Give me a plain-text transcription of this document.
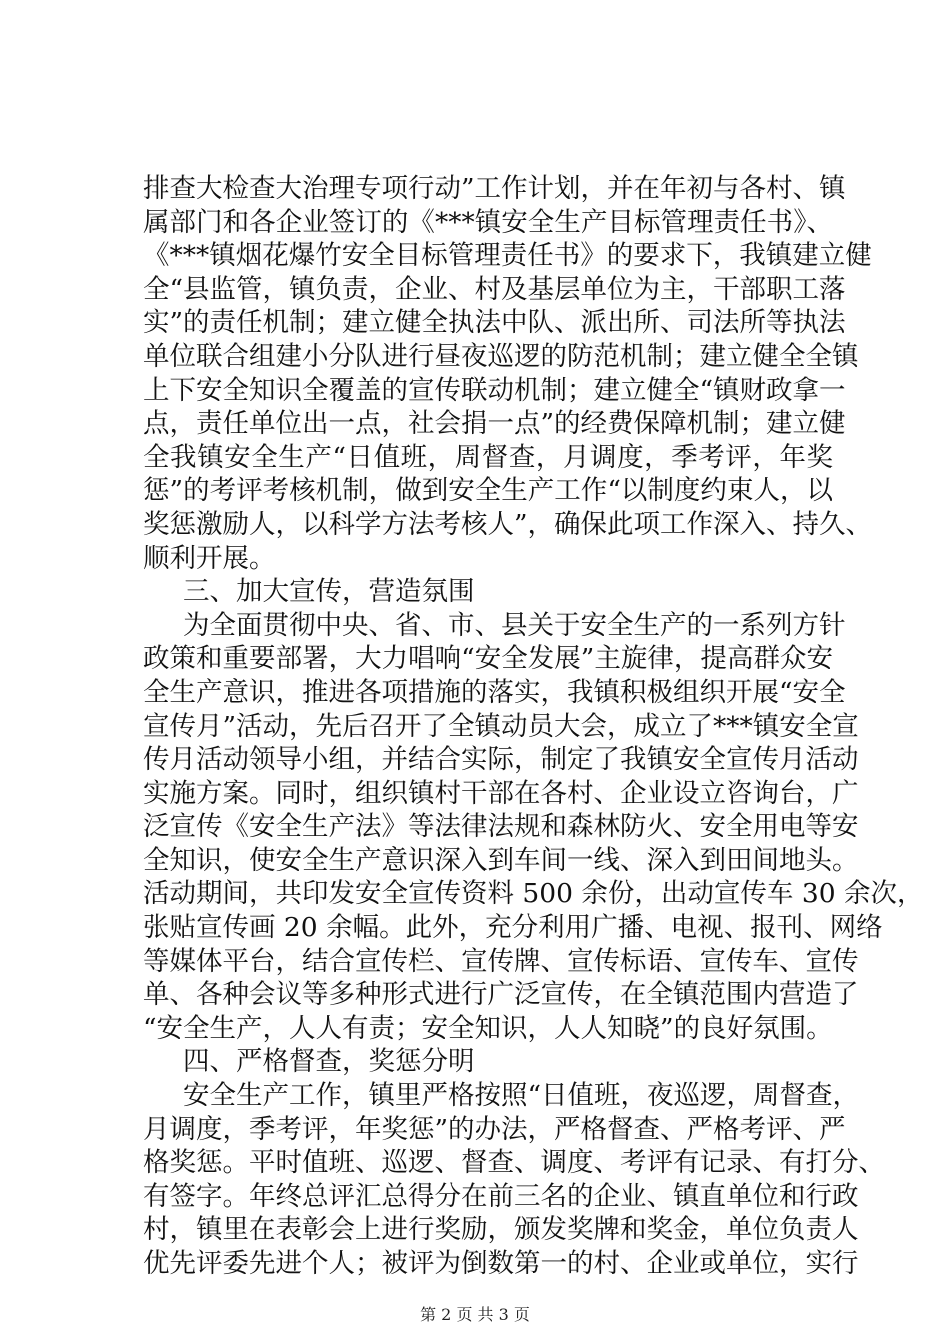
排查大检查大治理专项行动”工作计划，并在年初与各村、镇
属部门和各企业签订的《***镇安全生产目标管理责任书》、
《***镇烟花爆竹安全目标管理责任书》的要求下，我镇建立健
全“县监管，镇负责，企业、村及基层单位为主，干部职工落
实”的责任机制；建立健全执法中队、派出所、司法所等执法
单位联合组建小分队进行昼夜巡逻的防范机制；建立健全全镇
上下安全知识全覆盖的宣传联动机制；建立健全“镇财政拿一
点，责任单位出一点，社会捐一点”的经费保障机制；建立健
全我镇安全生产“日值班，周督查，月调度，季考评，年奖
惩”的考评考核机制，做到安全生产工作“以制度约束人，以
奖惩激励人，以科学方法考核人”，确保此项工作深入、持久、
顺利开展。
三、加大宣传，营造氛围
为全面贯彻中央、省、市、县关于安全生产的一系列方针
政策和重要部署，大力唱响“安全发展”主旋律，提高群众安
全生产意识，推进各项措施的落实，我镇积极组织开展“安全
宣传月”活动，先后召开了全镇动员大会，成立了***镇安全宣
传月活动领导小组，并结合实际，制定了我镇安全宣传月活动
实施方案。同时，组织镇村干部在各村、企业设立咨询台，广
泛宣传《安全生产法》等法律法规和森林防火、安全用电等安
全知识，使安全生产意识深入到车间一线、深入到田间地头。
活动期间，共印发安全宣传资料 500 余份，出动宣传车 30 余次，
张贴宣传画 20 余幅。此外，充分利用广播、电视、报刊、网络
等媒体平台，结合宣传栏、宣传牌、宣传标语、宣传车、宣传
单、各种会议等多种形式进行广泛宣传，在全镇范围内营造了
“安全生产，人人有责；安全知识，人人知晓”的良好氛围。
四、严格督查，奖惩分明
安全生产工作，镇里严格按照“日值班，夜巡逻，周督查，
月调度，季考评，年奖惩”的办法，严格督查、严格考评、严
格奖惩。平时值班、巡逻、督查、调度、考评有记录、有打分、
有签字。年终总评汇总得分在前三名的企业、镇直单位和行政
村，镇里在表彰会上进行奖励，颁发奖牌和奖金，单位负责人
优先评委先进个人；被评为倒数第一的村、企业或单位，实行
第 2 页 共 3 页
